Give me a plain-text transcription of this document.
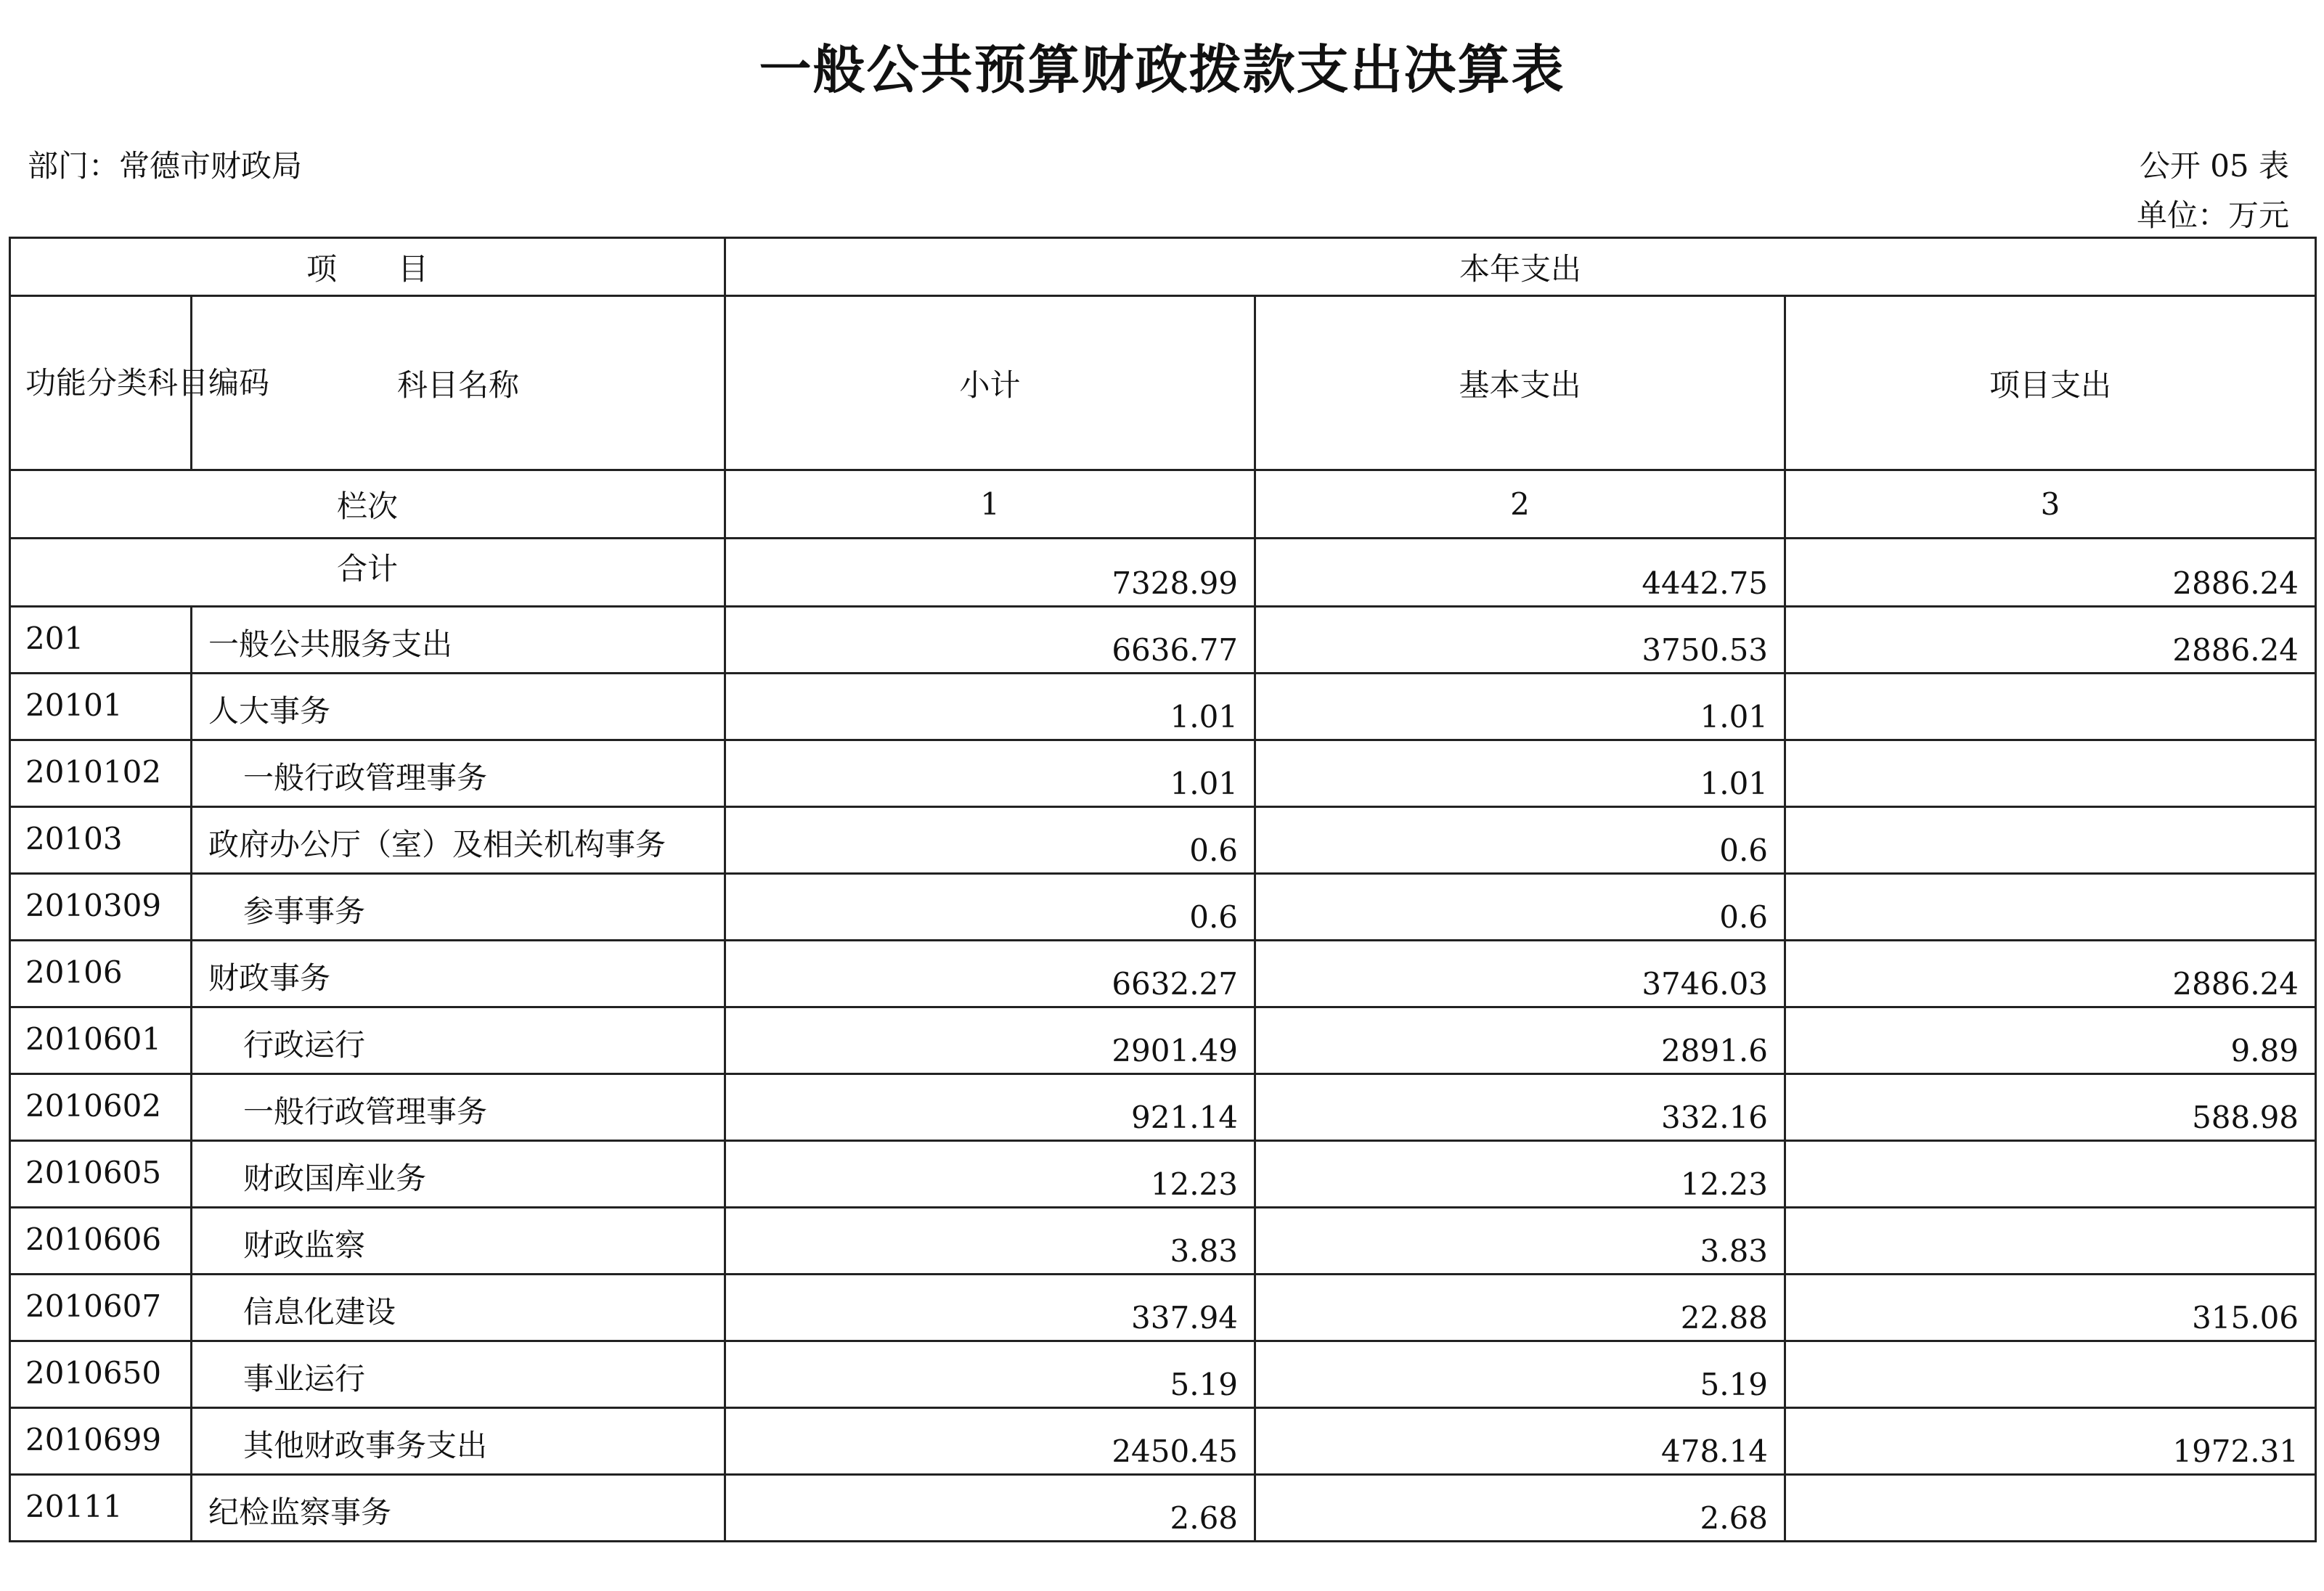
一般公共预算财政拨款支出决算表
部门：常德市财政局	公开 05 表
单位：万元
项　　目		本年支出		
功能分类科目编码	科目名称	小计	基本支出	项目支出
栏次		1	2	3
合计		7328.99	4442.75	2886.24
201	一般公共服务支出	6636.77	3750.53	2886.24
20101	人大事务	1.01	1.01	
2010102	一般行政管理事务	1.01	1.01	
20103	政府办公厅（室）及相关机构事务	0.6	0.6	
2010309	参事事务	0.6	0.6	
20106	财政事务	6632.27	3746.03	2886.24
2010601	行政运行	2901.49	2891.6	9.89
2010602	一般行政管理事务	921.14	332.16	588.98
2010605	财政国库业务	12.23	12.23	
2010606	财政监察	3.83	3.83	
2010607	信息化建设	337.94	22.88	315.06
2010650	事业运行	5.19	5.19	
2010699	其他财政事务支出	2450.45	478.14	1972.31
20111	纪检监察事务	2.68	2.68	
